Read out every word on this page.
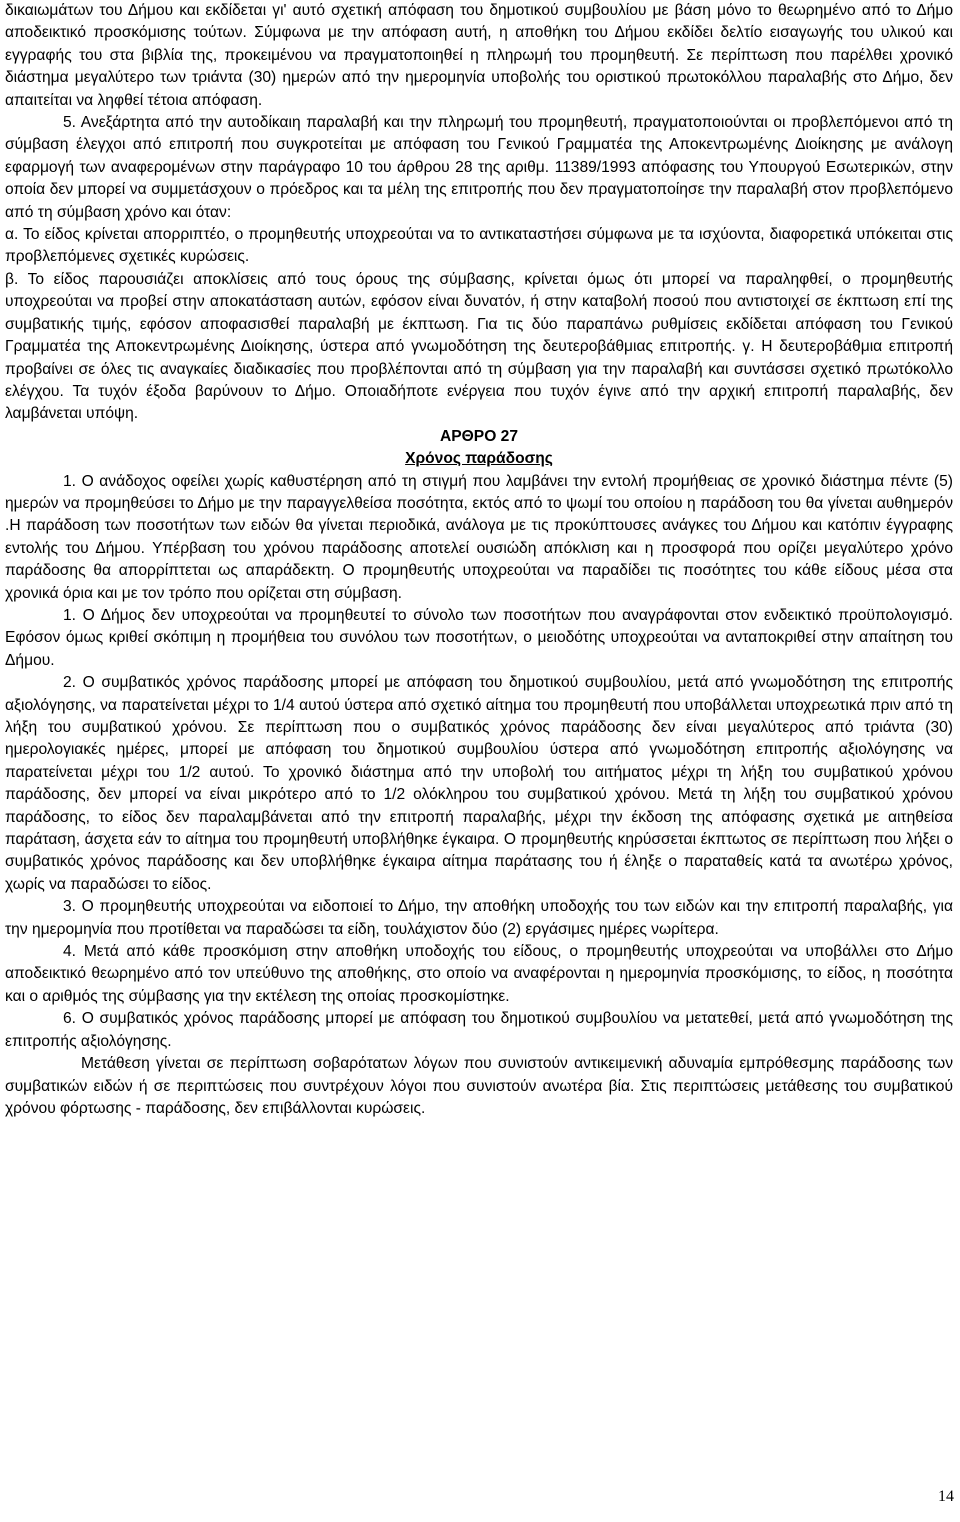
δικαιωμάτων του Δήμου και εκδίδεται γι' αυτό σχετική απόφαση του δημοτικού συμβουλίου με βάση μόνο το θεωρημένο από το Δήμο αποδεικτικό προσκόμισης τούτων. Σύμφωνα με την απόφαση αυτή, η αποθήκη του Δήμου εκδίδει δελτίο εισαγωγής του υλικού και εγγραφής του στα βιβλία της, προκειμένου να πραγματοποιηθεί η πληρωμή του προμηθευτή. Σε περίπτωση που παρέλθει χρονικό διάστημα μεγαλύτερο των τριάντα (30) ημερών από την ημερομηνία υποβολής του οριστικού πρωτοκόλλου παραλαβής στο Δήμο, δεν απαιτείται να ληφθεί τέτοια απόφαση.

5. Ανεξάρτητα από την αυτοδίκαιη παραλαβή και την πληρωμή του προμηθευτή, πραγματοποιούνται οι προβλεπόμενοι από τη σύμβαση έλεγχοι από επιτροπή που συγκροτείται με απόφαση του Γενικού Γραμματέα της Αποκεντρωμένης Διοίκησης με ανάλογη εφαρμογή των αναφερομένων στην παράγραφο 10 του άρθρου 28 της αριθμ. 11389/1993 απόφασης του Υπουργού Εσωτερικών, στην οποία δεν μπορεί να συμμετάσχουν ο πρόεδρος και τα μέλη της επιτροπής που δεν πραγματοποίησε την παραλαβή στον προβλεπόμενο από τη σύμβαση χρόνο και όταν:

α. Το είδος κρίνεται απορριπτέο, ο προμηθευτής υποχρεούται να το αντικαταστήσει σύμφωνα με τα ισχύοντα, διαφορετικά υπόκειται στις προβλεπόμενες σχετικές κυρώσεις.

β. Το είδος παρουσιάζει αποκλίσεις από τους όρους της σύμβασης, κρίνεται όμως ότι μπορεί να παραληφθεί, ο προμηθευτής υποχρεούται να προβεί στην αποκατάσταση αυτών, εφόσον είναι δυνατόν, ή στην καταβολή ποσού που αντιστοιχεί σε έκπτωση επί της συμβατικής τιμής, εφόσον αποφασισθεί παραλαβή με έκπτωση. Για τις δύο παραπάνω ρυθμίσεις εκδίδεται απόφαση του Γενικού Γραμματέα της Αποκεντρωμένης Διοίκησης, ύστερα από γνωμοδότηση της δευτεροβάθμιας επιτροπής. γ. Η δευτεροβάθμια επιτροπή προβαίνει σε όλες τις αναγκαίες διαδικασίες που προβλέπονται από τη σύμβαση για την παραλαβή και συντάσσει σχετικό πρωτόκολλο ελέγχου. Τα τυχόν έξοδα βαρύνουν το Δήμο. Οποιαδήποτε ενέργεια που τυχόν έγινε από την αρχική επιτροπή παραλαβής, δεν λαμβάνεται υπόψη.

ΑΡΘΡΟ 27

Χρόνος παράδοσης

1. Ο ανάδοχος οφείλει χωρίς καθυστέρηση από τη στιγμή που λαμβάνει την εντολή προμήθειας σε χρονικό διάστημα πέντε (5) ημερών να προμηθεύσει το Δήμο με την παραγγελθείσα ποσότητα, εκτός από το ψωμί του οποίου η παράδοση του θα γίνεται αυθημερόν .Η παράδοση των ποσοτήτων των ειδών θα γίνεται περιοδικά, ανάλογα με τις προκύπτουσες ανάγκες του Δήμου και κατόπιν έγγραφης εντολής του Δήμου. Υπέρβαση του χρόνου παράδοσης αποτελεί ουσιώδη απόκλιση και η προσφορά που ορίζει μεγαλύτερο χρόνο παράδοσης θα απορρίπτεται ως απαράδεκτη. Ο προμηθευτής υποχρεούται να παραδίδει τις ποσότητες του κάθε είδους μέσα στα χρονικά όρια και με τον τρόπο που ορίζεται στη σύμβαση.

1. Ο Δήμος δεν υποχρεούται να προμηθευτεί το σύνολο των ποσοτήτων που αναγράφονται στον ενδεικτικό προϋπολογισμό. Εφόσον όμως κριθεί σκόπιμη η προμήθεια του συνόλου των ποσοτήτων, ο μειοδότης υποχρεούται να ανταποκριθεί στην απαίτηση του Δήμου.

2. Ο συμβατικός χρόνος παράδοσης μπορεί με απόφαση του δημοτικού συμβουλίου, μετά από γνωμοδότηση της επιτροπής αξιολόγησης, να παρατείνεται μέχρι το 1/4 αυτού ύστερα από σχετικό αίτημα του προμηθευτή που υποβάλλεται υποχρεωτικά πριν από τη λήξη του συμβατικού χρόνου. Σε περίπτωση που ο συμβατικός χρόνος παράδοσης δεν είναι μεγαλύτερος από τριάντα (30) ημερολογιακές ημέρες, μπορεί με απόφαση του δημοτικού συμβουλίου ύστερα από γνωμοδότηση επιτροπής αξιολόγησης να παρατείνεται μέχρι του 1/2 αυτού. Το χρονικό διάστημα από την υποβολή του αιτήματος μέχρι τη λήξη του συμβατικού χρόνου παράδοσης, δεν μπορεί να είναι μικρότερο από το 1/2 ολόκληρου του συμβατικού χρόνου. Μετά τη λήξη του συμβατικού χρόνου παράδοσης, το είδος δεν παραλαμβάνεται από την επιτροπή παραλαβής, μέχρι την έκδοση της απόφασης σχετικά με αιτηθείσα παράταση, άσχετα εάν το αίτημα του προμηθευτή υποβλήθηκε έγκαιρα. Ο προμηθευτής κηρύσσεται έκπτωτος σε περίπτωση που λήξει ο συμβατικός χρόνος παράδοσης και δεν υποβλήθηκε έγκαιρα αίτημα παράτασης του ή έληξε ο παραταθείς κατά τα ανωτέρω χρόνος, χωρίς να παραδώσει το είδος.

3. Ο προμηθευτής υποχρεούται να ειδοποιεί το Δήμο, την αποθήκη υποδοχής του των ειδών και την επιτροπή παραλαβής, για την ημερομηνία που προτίθεται να παραδώσει τα είδη, τουλάχιστον δύο (2) εργάσιμες ημέρες νωρίτερα.

4. Μετά από κάθε προσκόμιση στην αποθήκη υποδοχής του είδους, ο προμηθευτής υποχρεούται να υποβάλλει στο Δήμο αποδεικτικό θεωρημένο από τον υπεύθυνο της αποθήκης, στο οποίο να αναφέρονται η ημερομηνία προσκόμισης, το είδος, η ποσότητα και ο αριθμός της σύμβασης για την εκτέλεση της οποίας προσκομίστηκε.

6. Ο συμβατικός χρόνος παράδοσης μπορεί με απόφαση του δημοτικού συμβουλίου να μετατεθεί, μετά από γνωμοδότηση της επιτροπής αξιολόγησης.

Μετάθεση γίνεται σε περίπτωση σοβαρότατων λόγων που συνιστούν αντικειμενική αδυναμία εμπρόθεσμης παράδοσης των συμβατικών ειδών ή σε περιπτώσεις που συντρέχουν λόγοι που συνιστούν ανωτέρα βία. Στις περιπτώσεις μετάθεσης του συμβατικού χρόνου φόρτωσης - παράδοσης, δεν επιβάλλονται κυρώσεις.

14
